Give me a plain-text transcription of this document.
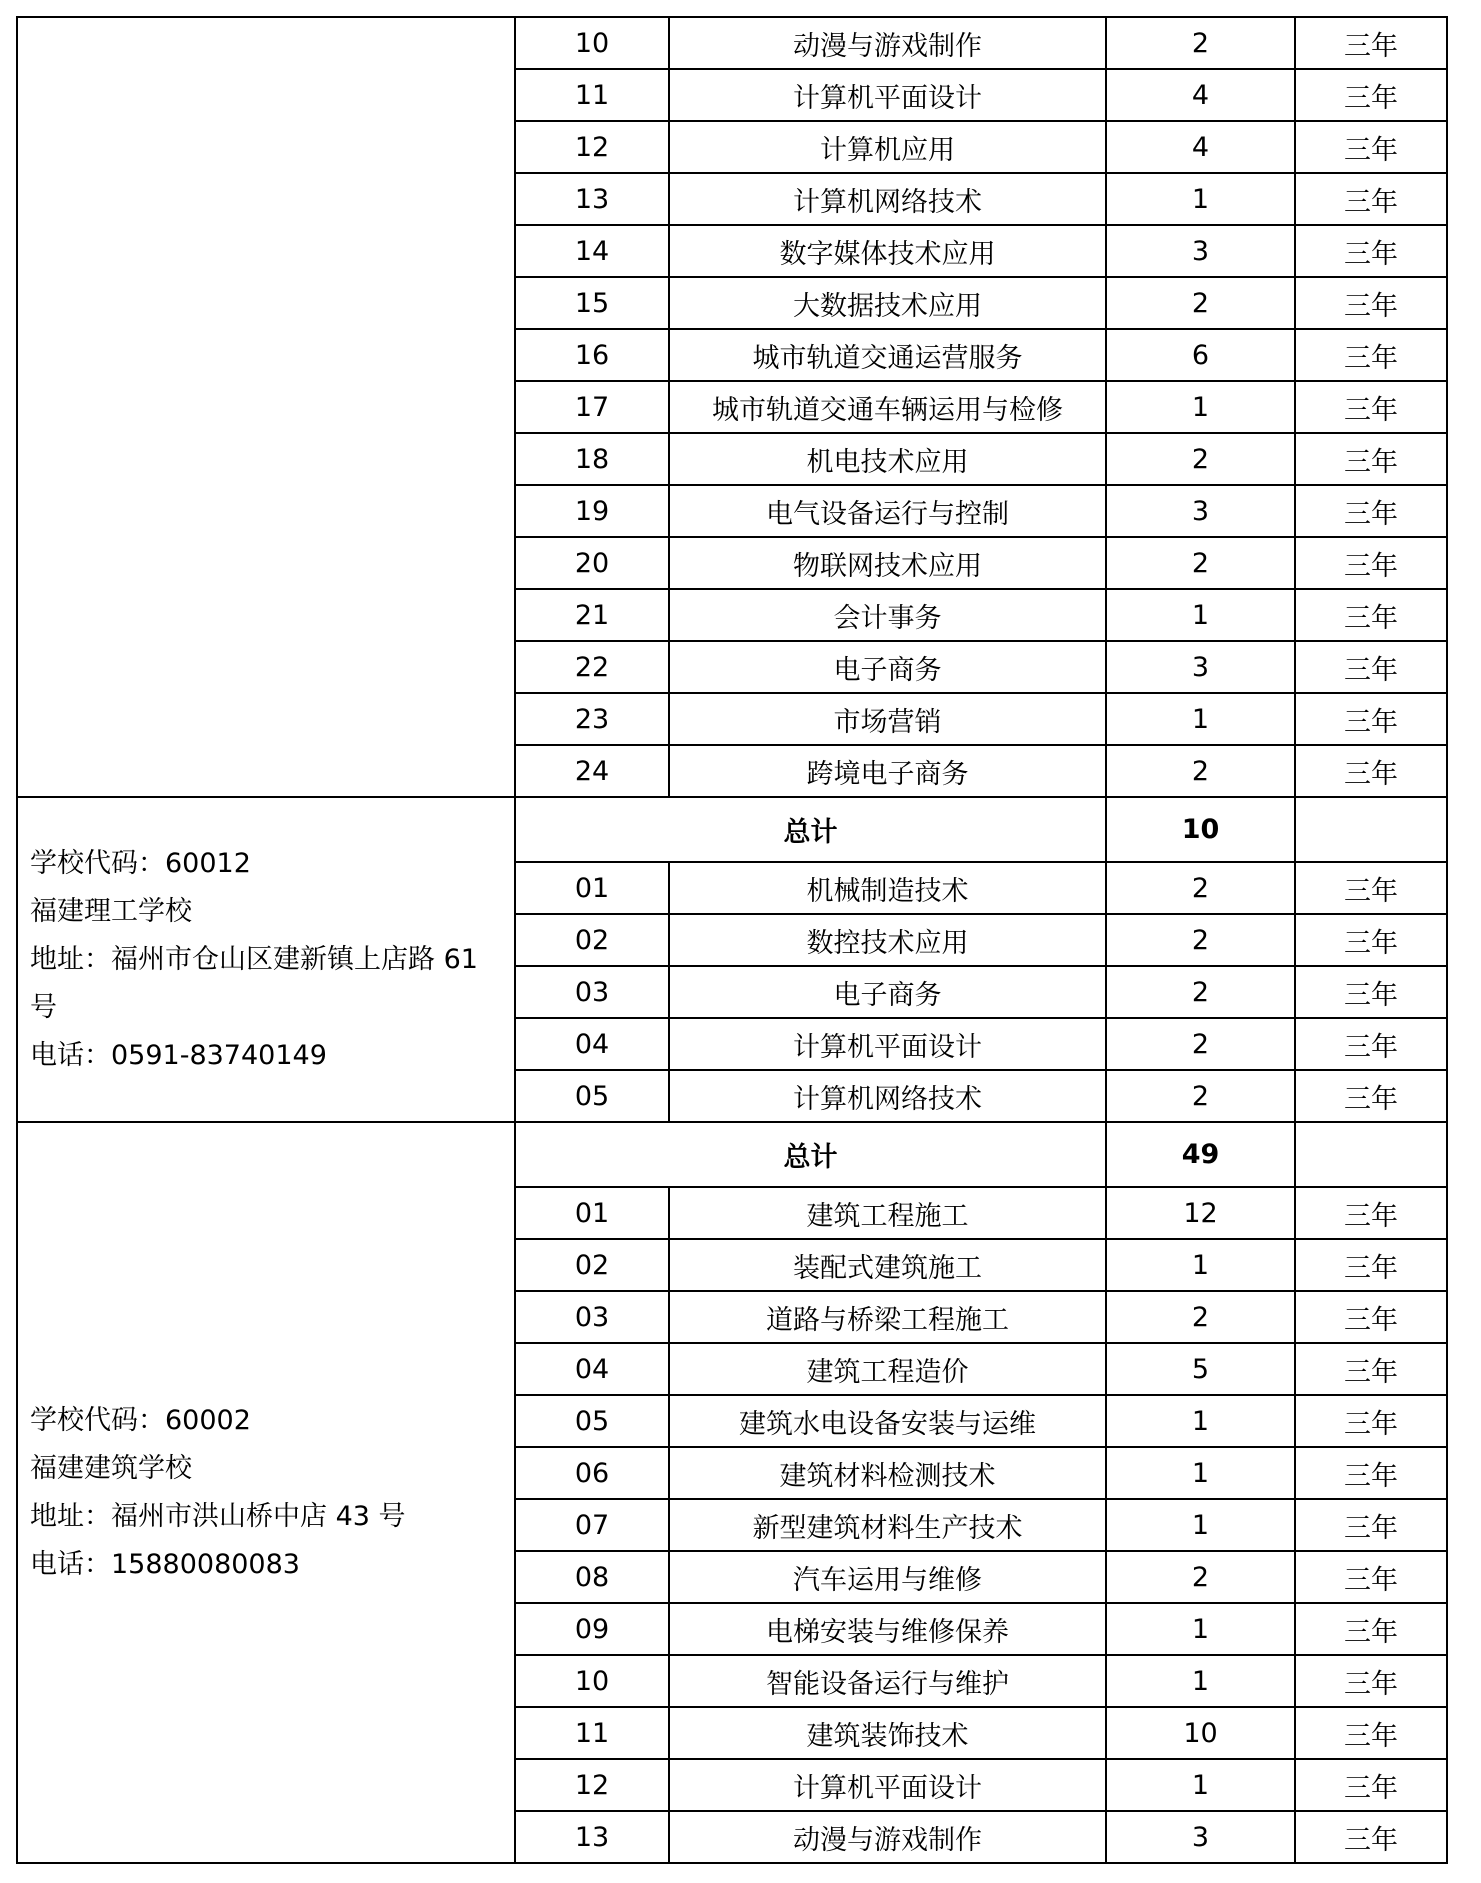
	10	动漫与游戏制作	2	三年
	11	计算机平面设计	4	三年
	12	计算机应用	4	三年
	13	计算机网络技术	1	三年
	14	数字媒体技术应用	3	三年
	15	大数据技术应用	2	三年
	16	城市轨道交通运营服务	6	三年
	17	城市轨道交通车辆运用与检修	1	三年
	18	机电技术应用	2	三年
	19	电气设备运行与控制	3	三年
	20	物联网技术应用	2	三年
	21	会计事务	1	三年
	22	电子商务	3	三年
	23	市场营销	1	三年
	24	跨境电子商务	2	三年

学校代码：60012
福建理工学校
地址：福州市仓山区建新镇上店路 61 号
电话：0591-83740149	总计		10	
	01	机械制造技术	2	三年
	02	数控技术应用	2	三年
	03	电子商务	2	三年
	04	计算机平面设计	2	三年
	05	计算机网络技术	2	三年

学校代码：60002
福建建筑学校
地址：福州市洪山桥中店 43 号
电话：15880080083	总计		49	
	01	建筑工程施工	12	三年
	02	装配式建筑施工	1	三年
	03	道路与桥梁工程施工	2	三年
	04	建筑工程造价	5	三年
	05	建筑水电设备安装与运维	1	三年
	06	建筑材料检测技术	1	三年
	07	新型建筑材料生产技术	1	三年
	08	汽车运用与维修	2	三年
	09	电梯安装与维修保养	1	三年
	10	智能设备运行与维护	1	三年
	11	建筑装饰技术	10	三年
	12	计算机平面设计	1	三年
	13	动漫与游戏制作	3	三年
